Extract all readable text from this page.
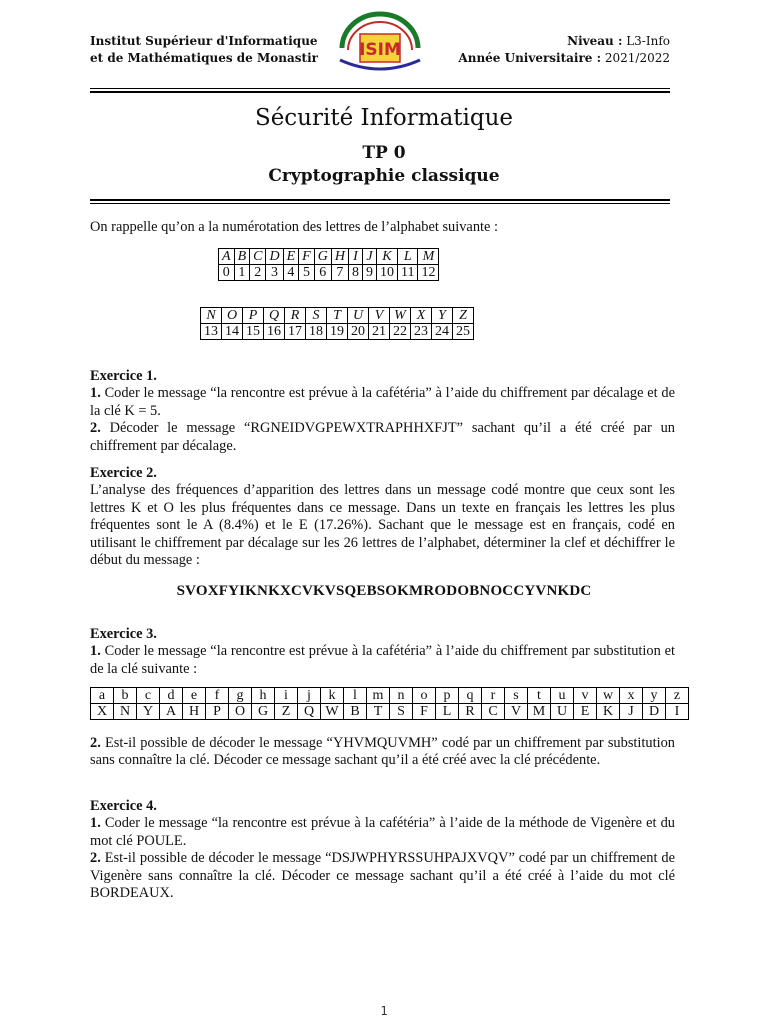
Institut Supérieur d'Informatique
et de Mathématiques de Monastir ISIM	Niveau : L3-Info
Année Universitaire : 2021/2022
Sécurité Informatique
TP 0
Cryptographie classique
On rappelle qu’on a la numérotation des lettres de l’alphabet suivante :
A	B	C	D	E	F	G	H	I	J	K	L	M
0	1	2	3	4	5	6	7	8	9	10	11	12
N	O	P	Q	R	S	T	U	V	W	X	Y	Z
13	14	15	16	17	18	19	20	21	22	23	24	25

Exercice 1.

1. Coder le message “la rencontre est prévue à la cafétéria” à l’aide du chiffrement par décalage et de la clé K = 5.

2. Décoder le message “RGNEIDVGPEWXTRAPHHXFJT” sachant qu’il a été créé par un chiffrement par décalage.

Exercice 2.

L’analyse des fréquences d’apparition des lettres dans un message codé montre que ceux sont les lettres K et O les plus fréquentes dans ce message. Dans un texte en français les lettres les plus fréquentes sont le A (8.4%) et le E (17.26%). Sachant que le message est en français, codé en utilisant le chiffrement par décalage sur les 26 lettres de l’alphabet, déterminer la clef et déchiffrer le début du message :

SVOXFYIKNKXCVKVSQEBSOKMRODOBNOCCYVNKDC

Exercice 3.

1. Coder le message “la rencontre est prévue à la cafétéria” à l’aide du chiffrement par substitution et de la clé suivante :

a	b	c	d	e	f	g	h	i	j	k	l	m	n	o	p	q	r	s	t	u	v	w	x	y	z
X	N	Y	A	H	P	O	G	Z	Q	W	B	T	S	F	L	R	C	V	M	U	E	K	J	D	I

2. Est-il possible de décoder le message “YHVMQUVMH” codé par un chiffrement par substitution sans connaître la clé. Décoder ce message sachant qu’il a été créé avec la clé précédente.

Exercice 4.

1. Coder le message “la rencontre est prévue à la cafétéria” à l’aide de la méthode de Vigenère et du mot clé POULE.

2. Est-il possible de décoder le message “DSJWPHYRSSUHPAJXVQV” codé par un chiffrement de Vigenère sans connaître la clé. Décoder ce message sachant qu’il a été créé à l’aide du mot clé BORDEAUX.

1
